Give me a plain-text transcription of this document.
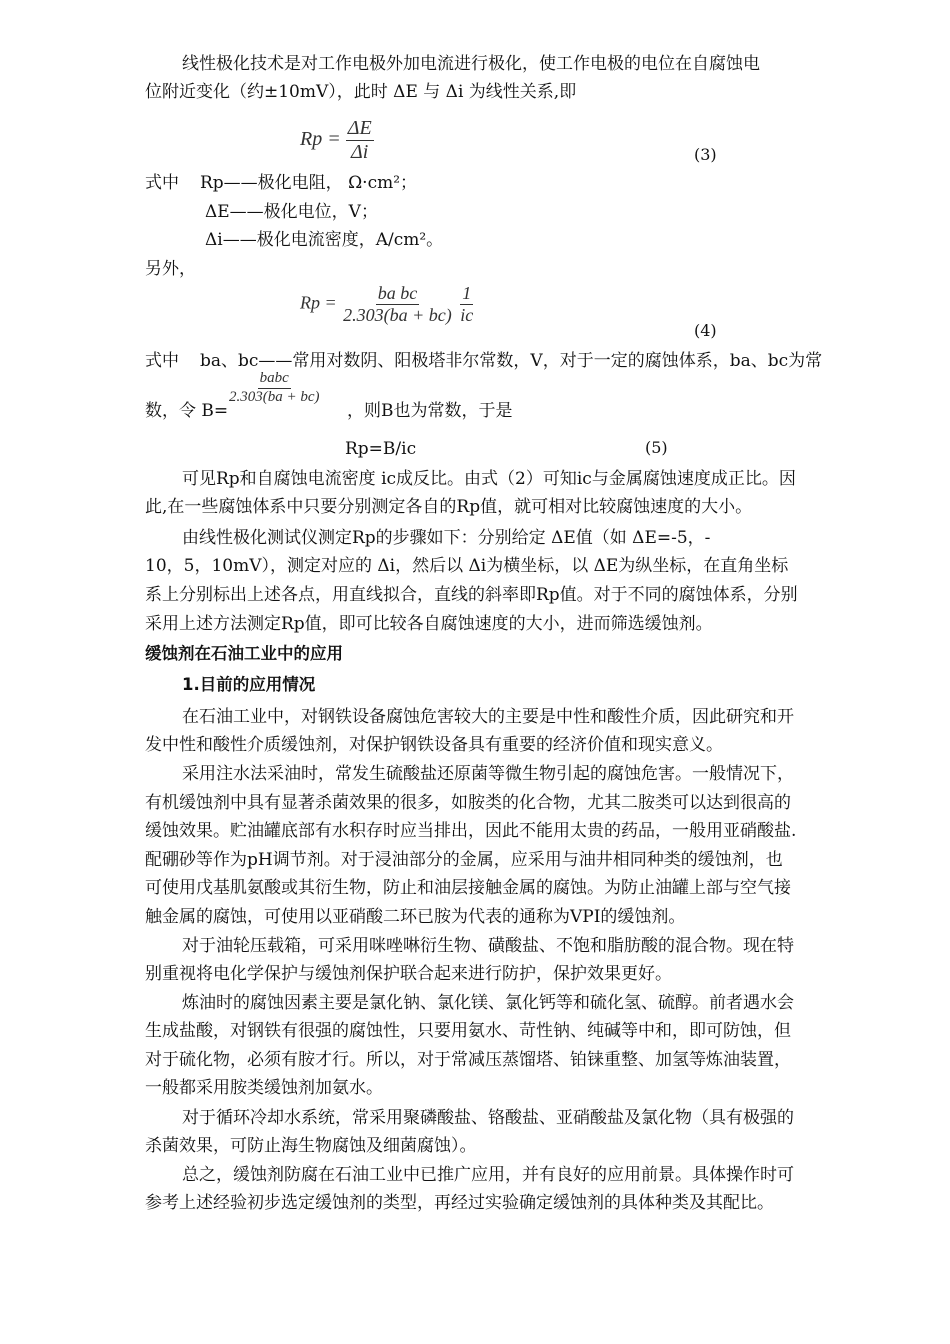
线性极化技术是对工作电极外加电流进行极化，使工作电极的电位在自腐蚀电
位附近变化（约±10mV），此时 ΔE 与 Δi 为线性关系,即
$Rp = \frac{\Delta E}{\Delta i}$	(3)
式中 Rp——极化电阻， Ω·cm²；
ΔE——极化电位，V；
Δi——极化电流密度，A/cm²。
另外，
$Rp = \frac{\text{ba bc}}{2.303(ba + bc)}$
$\frac{1}{ic}$
(4)
式中 ba、bc——常用对数阴、阳极塔非尔常数，V，对于一定的腐蚀体系，ba、bc为常
数，令 B=
$\frac{\text{babc}}{2.303(ba + bc)}$
，则B也为常数，于是
Rp=B/ic	(5)
可见Rp和自腐蚀电流密度 ic成反比。由式（2）可知ic与金属腐蚀速度成正比。因
此,在一些腐蚀体系中只要分别测定各自的Rp值，就可相对比较腐蚀速度的大小。
由线性极化测试仪测定Rp的步骤如下：分别给定 ΔE值（如 ΔE=-5，-
10，5，10mV），测定对应的 Δi，然后以 Δi为横坐标，以 ΔE为纵坐标，在直角坐标
系上分别标出上述各点，用直线拟合，直线的斜率即Rp值。对于不同的腐蚀体系，分别
采用上述方法测定Rp值，即可比较各自腐蚀速度的大小，进而筛选缓蚀剂。
缓蚀剂在石油工业中的应用
1.目前的应用情况
在石油工业中，对钢铁设备腐蚀危害较大的主要是中性和酸性介质，因此研究和开
发中性和酸性介质缓蚀剂，对保护钢铁设备具有重要的经济价值和现实意义。
采用注水法采油时，常发生硫酸盐还原菌等微生物引起的腐蚀危害。一般情况下，
有机缓蚀剂中具有显著杀菌效果的很多，如胺类的化合物，尤其二胺类可以达到很高的
缓蚀效果。贮油罐底部有水积存时应当排出，因此不能用太贵的药品，一般用亚硝酸盐.
配硼砂等作为pH调节剂。对于浸油部分的金属，应采用与油井相同种类的缓蚀剂，也
可使用戊基肌氨酸或其衍生物，防止和油层接触金属的腐蚀。为防止油罐上部与空气接
触金属的腐蚀，可使用以亚硝酸二环已胺为代表的通称为VPI的缓蚀剂。
对于油轮压载箱，可采用咪唑啉衍生物、磺酸盐、不饱和脂肪酸的混合物。现在特
别重视将电化学保护与缓蚀剂保护联合起来进行防护，保护效果更好。
炼油时的腐蚀因素主要是氯化钠、氯化镁、氯化钙等和硫化氢、硫醇。前者遇水会
生成盐酸，对钢铁有很强的腐蚀性，只要用氨水、苛性钠、纯碱等中和，即可防蚀，但
对于硫化物，必须有胺才行。所以，对于常减压蒸馏塔、铂铼重整、加氢等炼油装置，
一般都采用胺类缓蚀剂加氨水。
对于循环冷却水系统，常采用聚磷酸盐、铬酸盐、亚硝酸盐及氯化物（具有极强的
杀菌效果，可防止海生物腐蚀及细菌腐蚀）。
总之，缓蚀剂防腐在石油工业中已推广应用，并有良好的应用前景。具体操作时可
参考上述经验初步选定缓蚀剂的类型，再经过实验确定缓蚀剂的具体种类及其配比。
